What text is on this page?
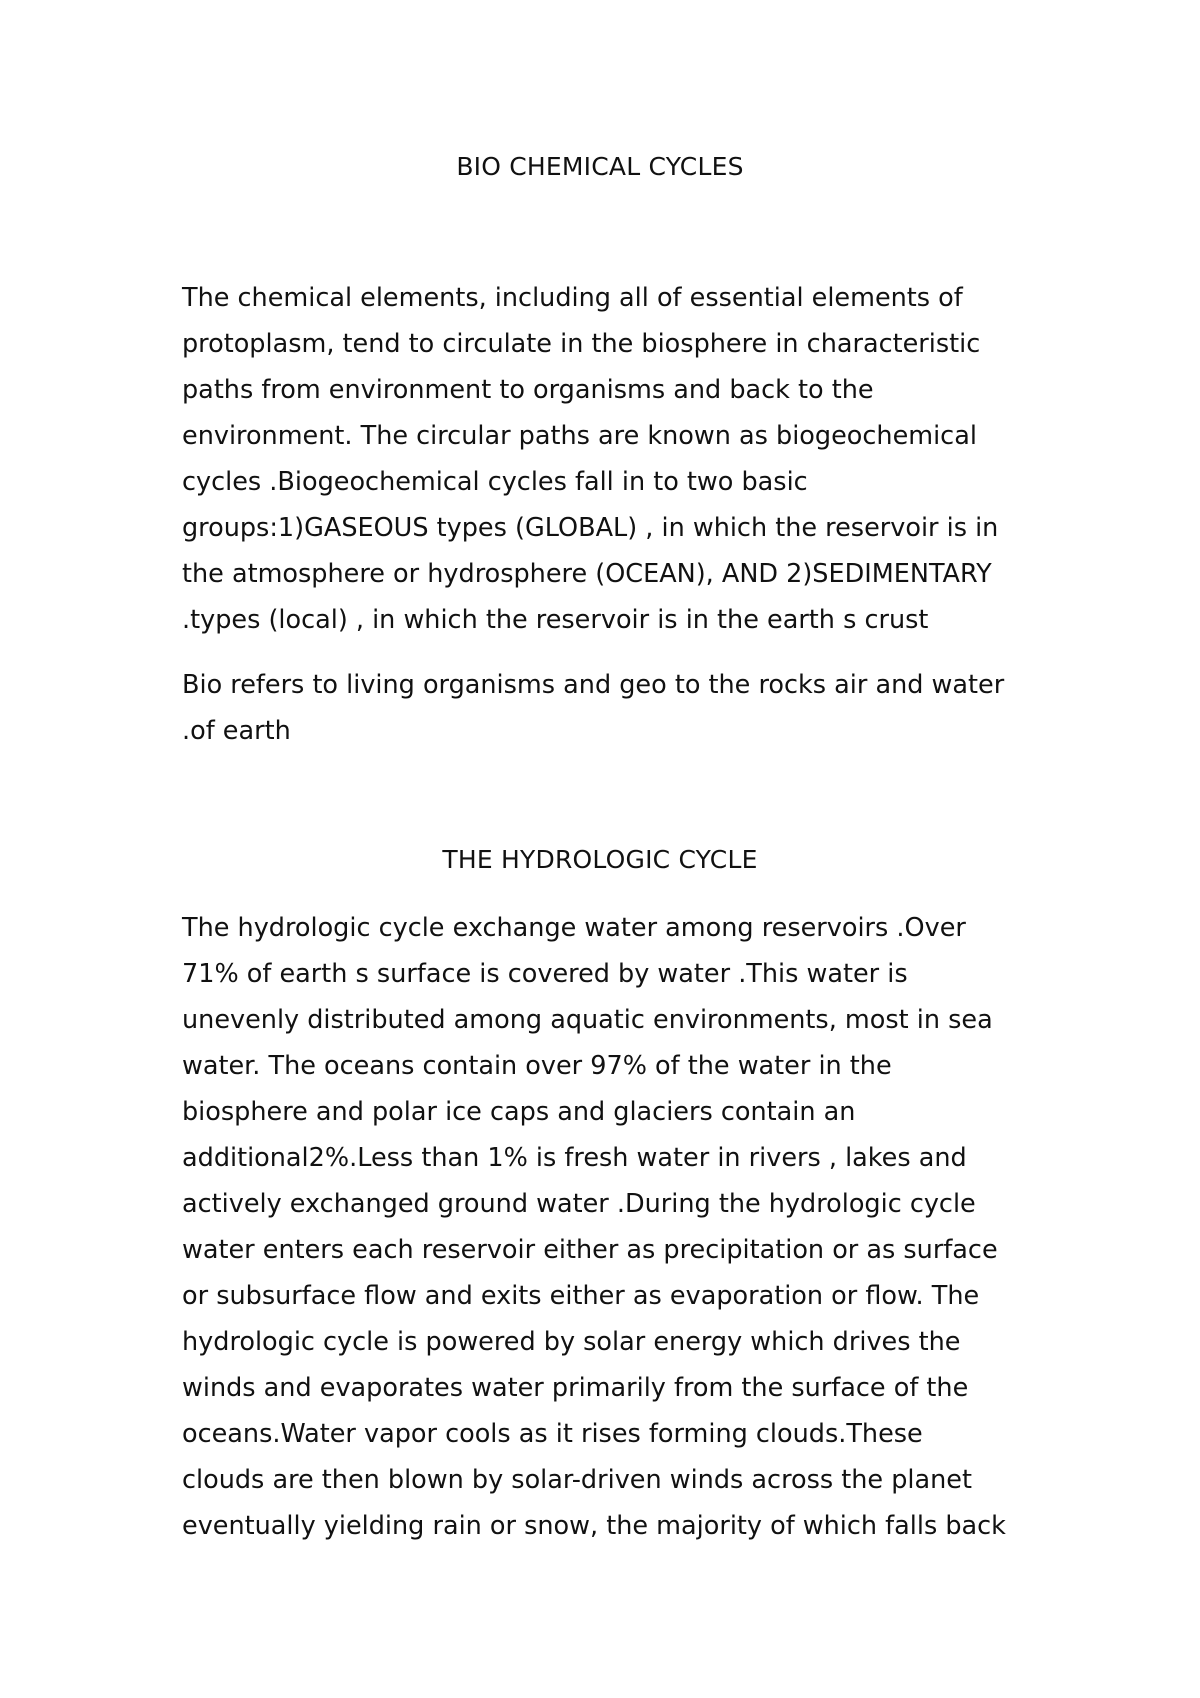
BIO CHEMICAL CYCLES
The chemical elements, including all of essential elements of
protoplasm, tend to circulate in the biosphere in characteristic
paths from environment to organisms and back to the
environment. The circular paths are known as biogeochemical
cycles .Biogeochemical cycles fall in to two basic
groups:1)GASEOUS types (GLOBAL) , in which the reservoir is in
the atmosphere or hydrosphere (OCEAN), AND 2)SEDIMENTARY
.types (local) , in which the reservoir is in the earth s crust
Bio refers to living organisms and geo to the rocks air and water
.of earth
THE HYDROLOGIC CYCLE
The hydrologic cycle exchange water among reservoirs .Over
71% of earth s surface is covered by water .This water is
unevenly distributed among aquatic environments, most in sea
water. The oceans contain over 97% of the water in the
biosphere and polar ice caps and glaciers contain an
additional2%.Less than 1% is fresh water in rivers , lakes and
actively exchanged ground water .During the hydrologic cycle
water enters each reservoir either as precipitation or as surface
or subsurface flow and exits either as evaporation or flow. The
hydrologic cycle is powered by solar energy which drives the
winds and evaporates water primarily from the surface of the
oceans.Water vapor cools as it rises forming clouds.These
clouds are then blown by solar-driven winds across the planet
eventually yielding rain or snow, the majority of which falls back
